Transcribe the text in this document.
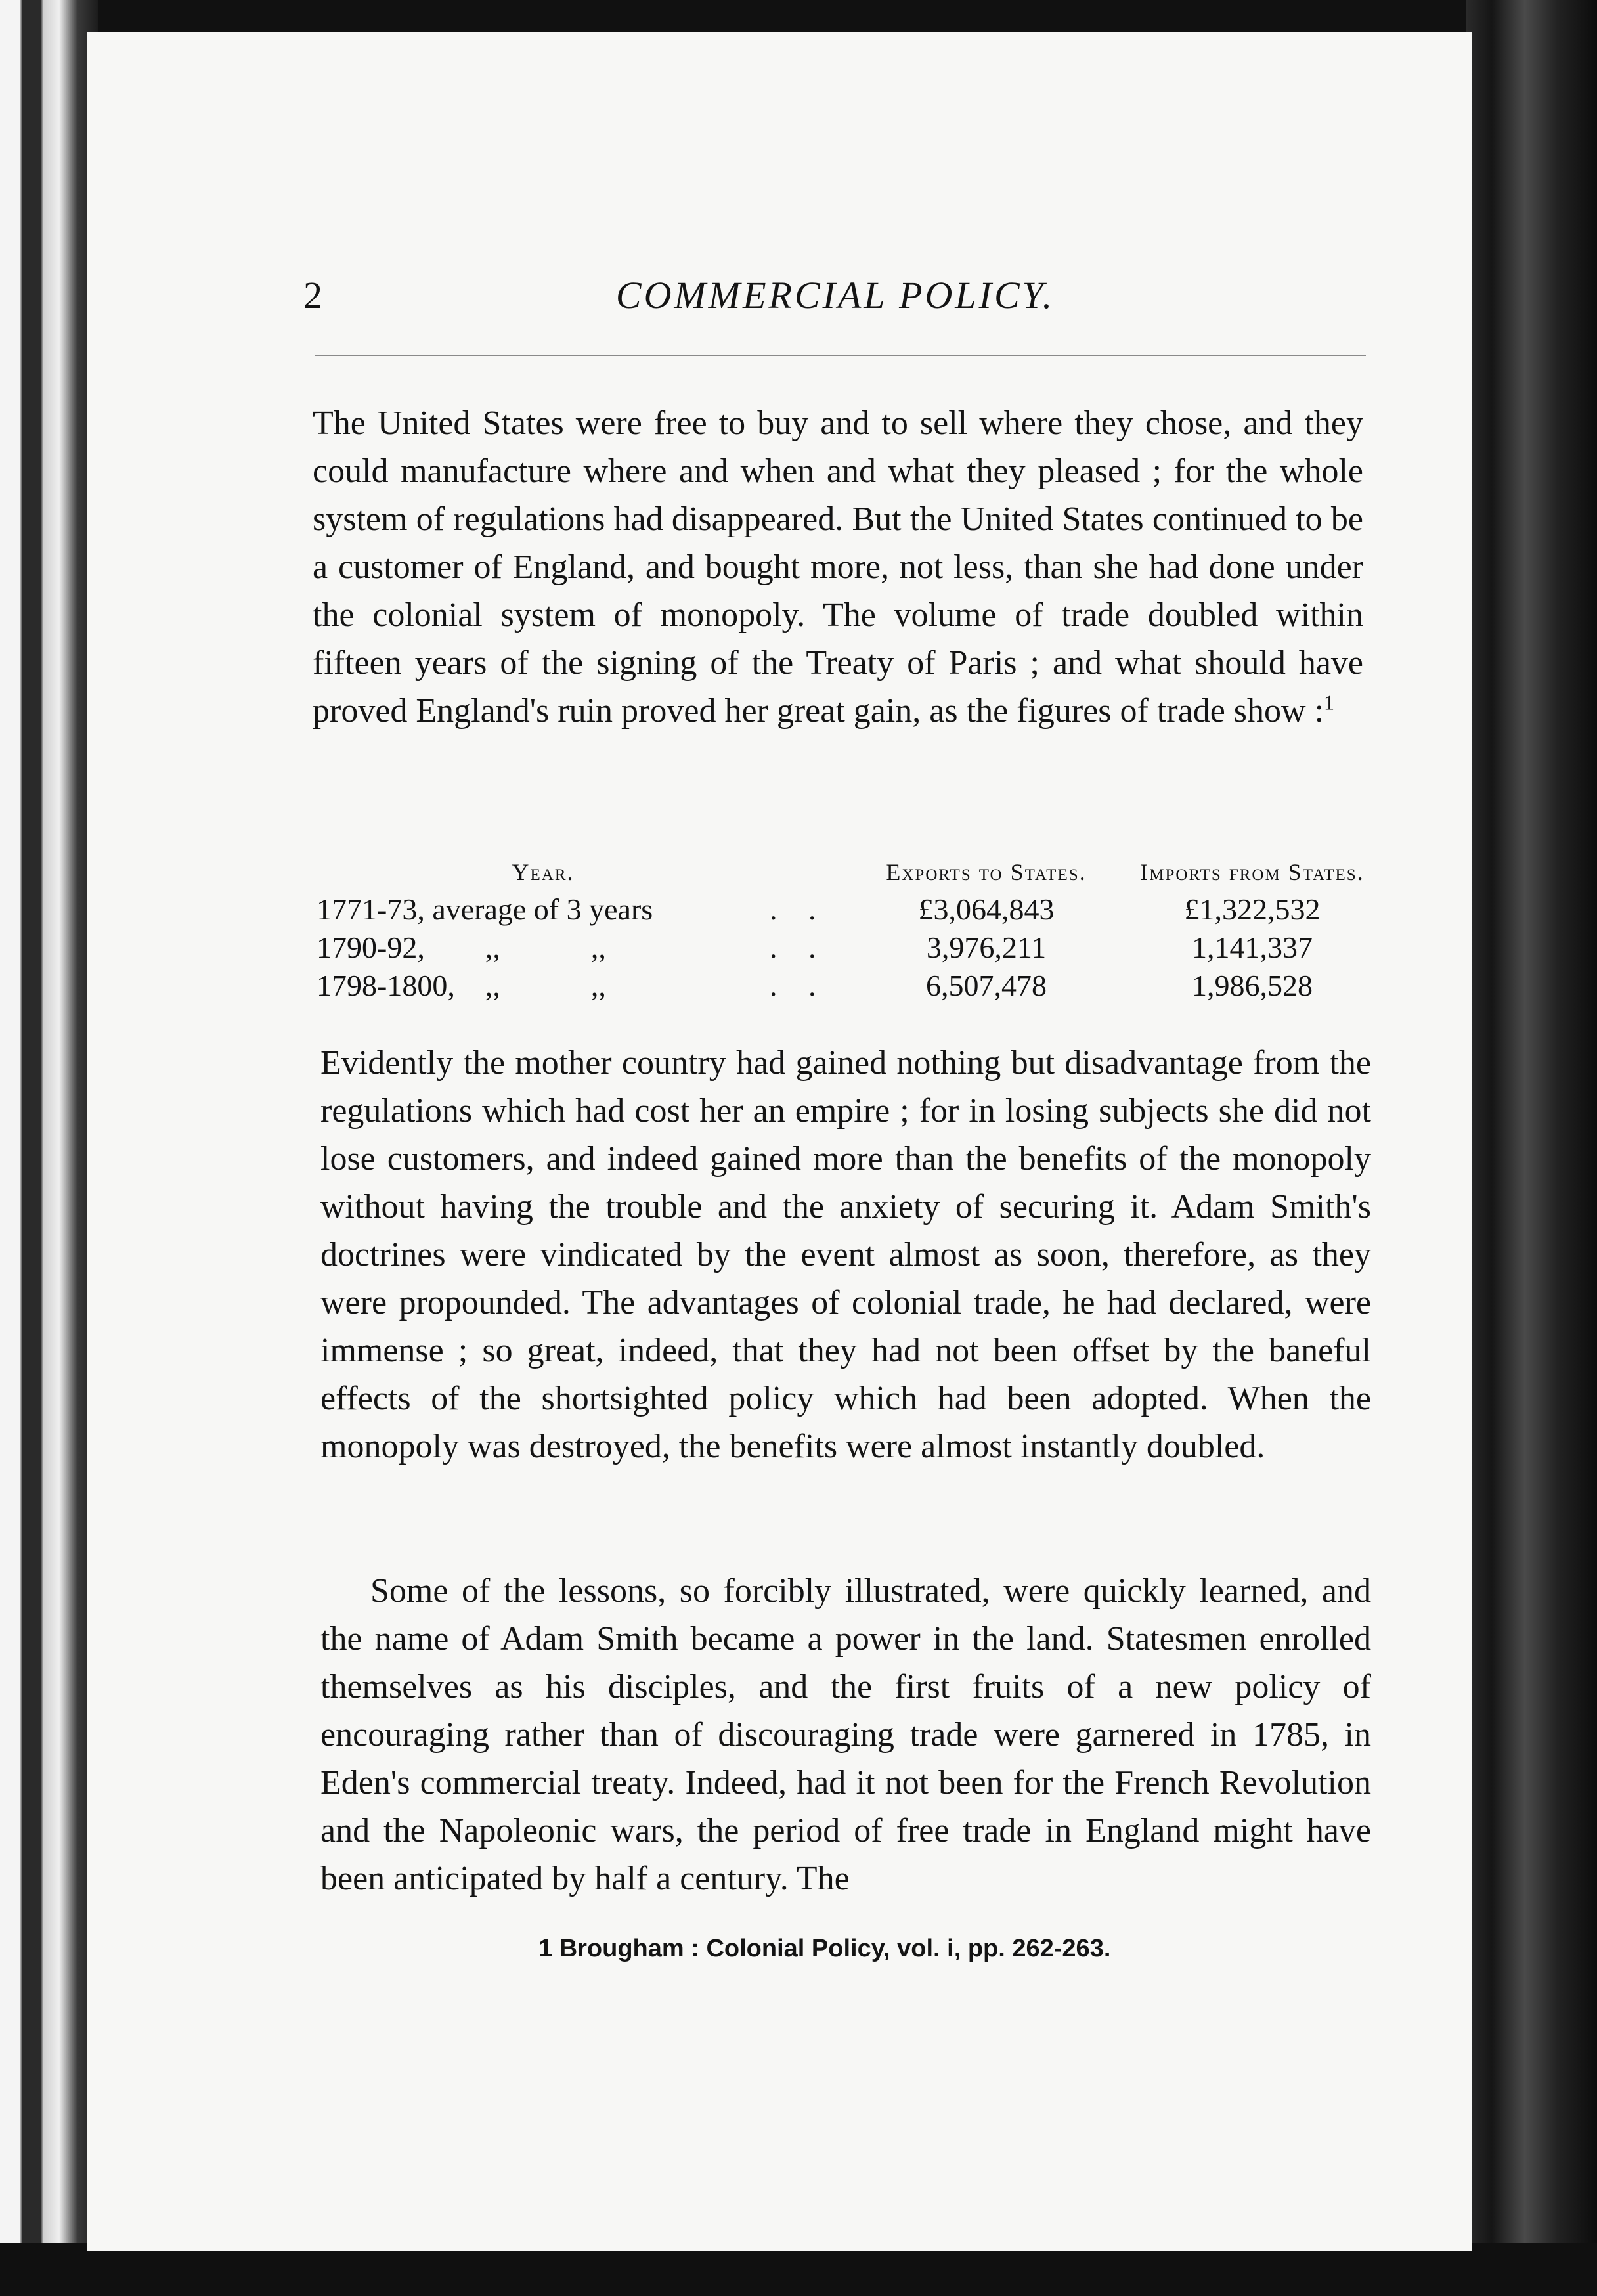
2	COMMERCIAL POLICY.

The United States were free to buy and to sell where they chose, and they could manufacture where and when and what they pleased ; for the whole system of regulations had disappeared. But the United States continued to be a customer of England, and bought more, not less, than she had done under the colonial system of monopoly. The volume of trade doubled within fifteen years of the signing of the Treaty of Paris ; and what should have proved England's ruin proved her great gain, as the figures of trade show :$^1$

Year.		Exports to States.	Imports from States.
1771-73, average of 3 years	. .	£3,064,843	£1,322,532
1790-92,        ,,            ,,	. .	3,976,211	1,141,337
1798-1800,    ,,            ,,	. .	6,507,478	1,986,528

Evidently the mother country had gained nothing but disadvantage from the regulations which had cost her an empire ; for in losing subjects she did not lose customers, and indeed gained more than the benefits of the monopoly without having the trouble and the anxiety of securing it. Adam Smith's doctrines were vindicated by the event almost as soon, therefore, as they were propounded. The advantages of colonial trade, he had declared, were immense ; so great, indeed, that they had not been offset by the baneful effects of the shortsighted policy which had been adopted. When the monopoly was destroyed, the benefits were almost instantly doubled.

Some of the lessons, so forcibly illustrated, were quickly learned, and the name of Adam Smith became a power in the land. Statesmen enrolled themselves as his disciples, and the first fruits of a new policy of encouraging rather than of discouraging trade were garnered in 1785, in Eden's commercial treaty. Indeed, had it not been for the French Revolution and the Napoleonic wars, the period of free trade in England might have been anticipated by half a century. The

1 Brougham : Colonial Policy, vol. i, pp. 262-263.
